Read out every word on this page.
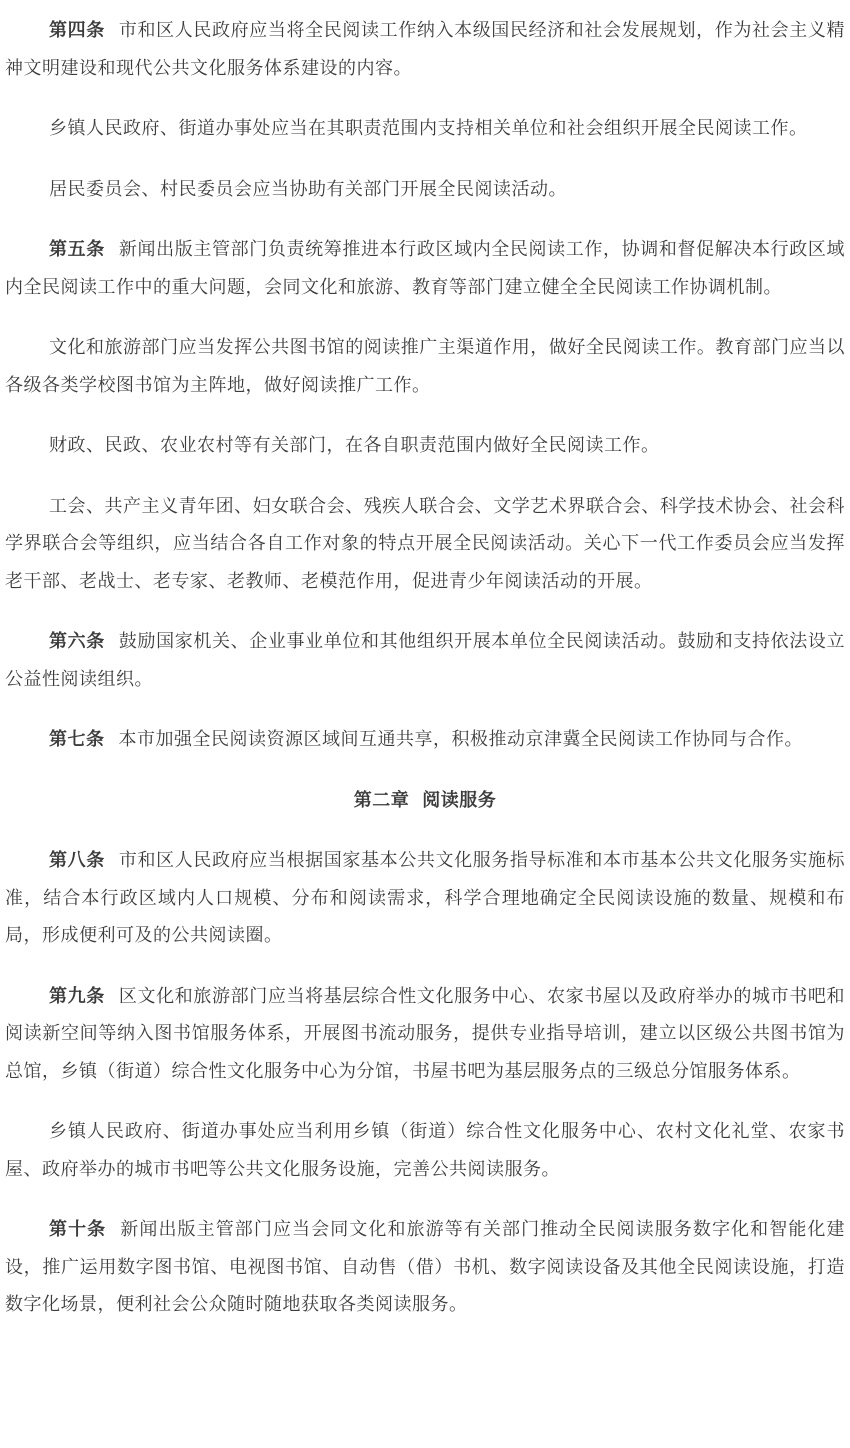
第四条 市和区人民政府应当将全民阅读工作纳入本级国民经济和社会发展规划，作为社会主义精神文明建设和现代公共文化服务体系建设的内容。

乡镇人民政府、街道办事处应当在其职责范围内支持相关单位和社会组织开展全民阅读工作。

居民委员会、村民委员会应当协助有关部门开展全民阅读活动。

第五条 新闻出版主管部门负责统筹推进本行政区域内全民阅读工作，协调和督促解决本行政区域内全民阅读工作中的重大问题，会同文化和旅游、教育等部门建立健全全民阅读工作协调机制。

文化和旅游部门应当发挥公共图书馆的阅读推广主渠道作用，做好全民阅读工作。教育部门应当以各级各类学校图书馆为主阵地，做好阅读推广工作。

财政、民政、农业农村等有关部门，在各自职责范围内做好全民阅读工作。

工会、共产主义青年团、妇女联合会、残疾人联合会、文学艺术界联合会、科学技术协会、社会科学界联合会等组织，应当结合各自工作对象的特点开展全民阅读活动。关心下一代工作委员会应当发挥老干部、老战士、老专家、老教师、老模范作用，促进青少年阅读活动的开展。

第六条 鼓励国家机关、企业事业单位和其他组织开展本单位全民阅读活动。鼓励和支持依法设立公益性阅读组织。

第七条 本市加强全民阅读资源区域间互通共享，积极推动京津冀全民阅读工作协同与合作。

第二章 阅读服务

第八条 市和区人民政府应当根据国家基本公共文化服务指导标准和本市基本公共文化服务实施标准，结合本行政区域内人口规模、分布和阅读需求，科学合理地确定全民阅读设施的数量、规模和布局，形成便利可及的公共阅读圈。

第九条 区文化和旅游部门应当将基层综合性文化服务中心、农家书屋以及政府举办的城市书吧和阅读新空间等纳入图书馆服务体系，开展图书流动服务，提供专业指导培训，建立以区级公共图书馆为总馆，乡镇（街道）综合性文化服务中心为分馆，书屋书吧为基层服务点的三级总分馆服务体系。

乡镇人民政府、街道办事处应当利用乡镇（街道）综合性文化服务中心、农村文化礼堂、农家书屋、政府举办的城市书吧等公共文化服务设施，完善公共阅读服务。

第十条 新闻出版主管部门应当会同文化和旅游等有关部门推动全民阅读服务数字化和智能化建设，推广运用数字图书馆、电视图书馆、自动售（借）书机、数字阅读设备及其他全民阅读设施，打造数字化场景，便利社会公众随时随地获取各类阅读服务。
